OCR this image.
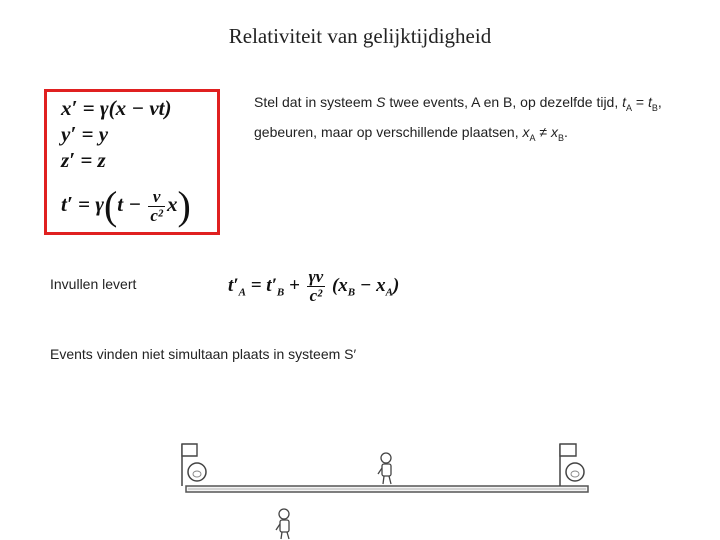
Relativiteit van gelijktijdigheid
x′ = γ(x − vt)
y′ = y
z′ = z
$t' = \gamma(t - \frac{v}{\text{c²}} x)$
Stel dat in systeem S twee events, A en B, op dezelfde tijd, $t_A = t_B$, gebeuren, maar op verschillende plaatsen, $x_A \ne x_B$.
Invullen levert	$t'_A = t'_B + \frac{\gamma v}{\text{c²}} (x_B - x_A)$
Events vinden niet simultaan plaats in systeem S′
